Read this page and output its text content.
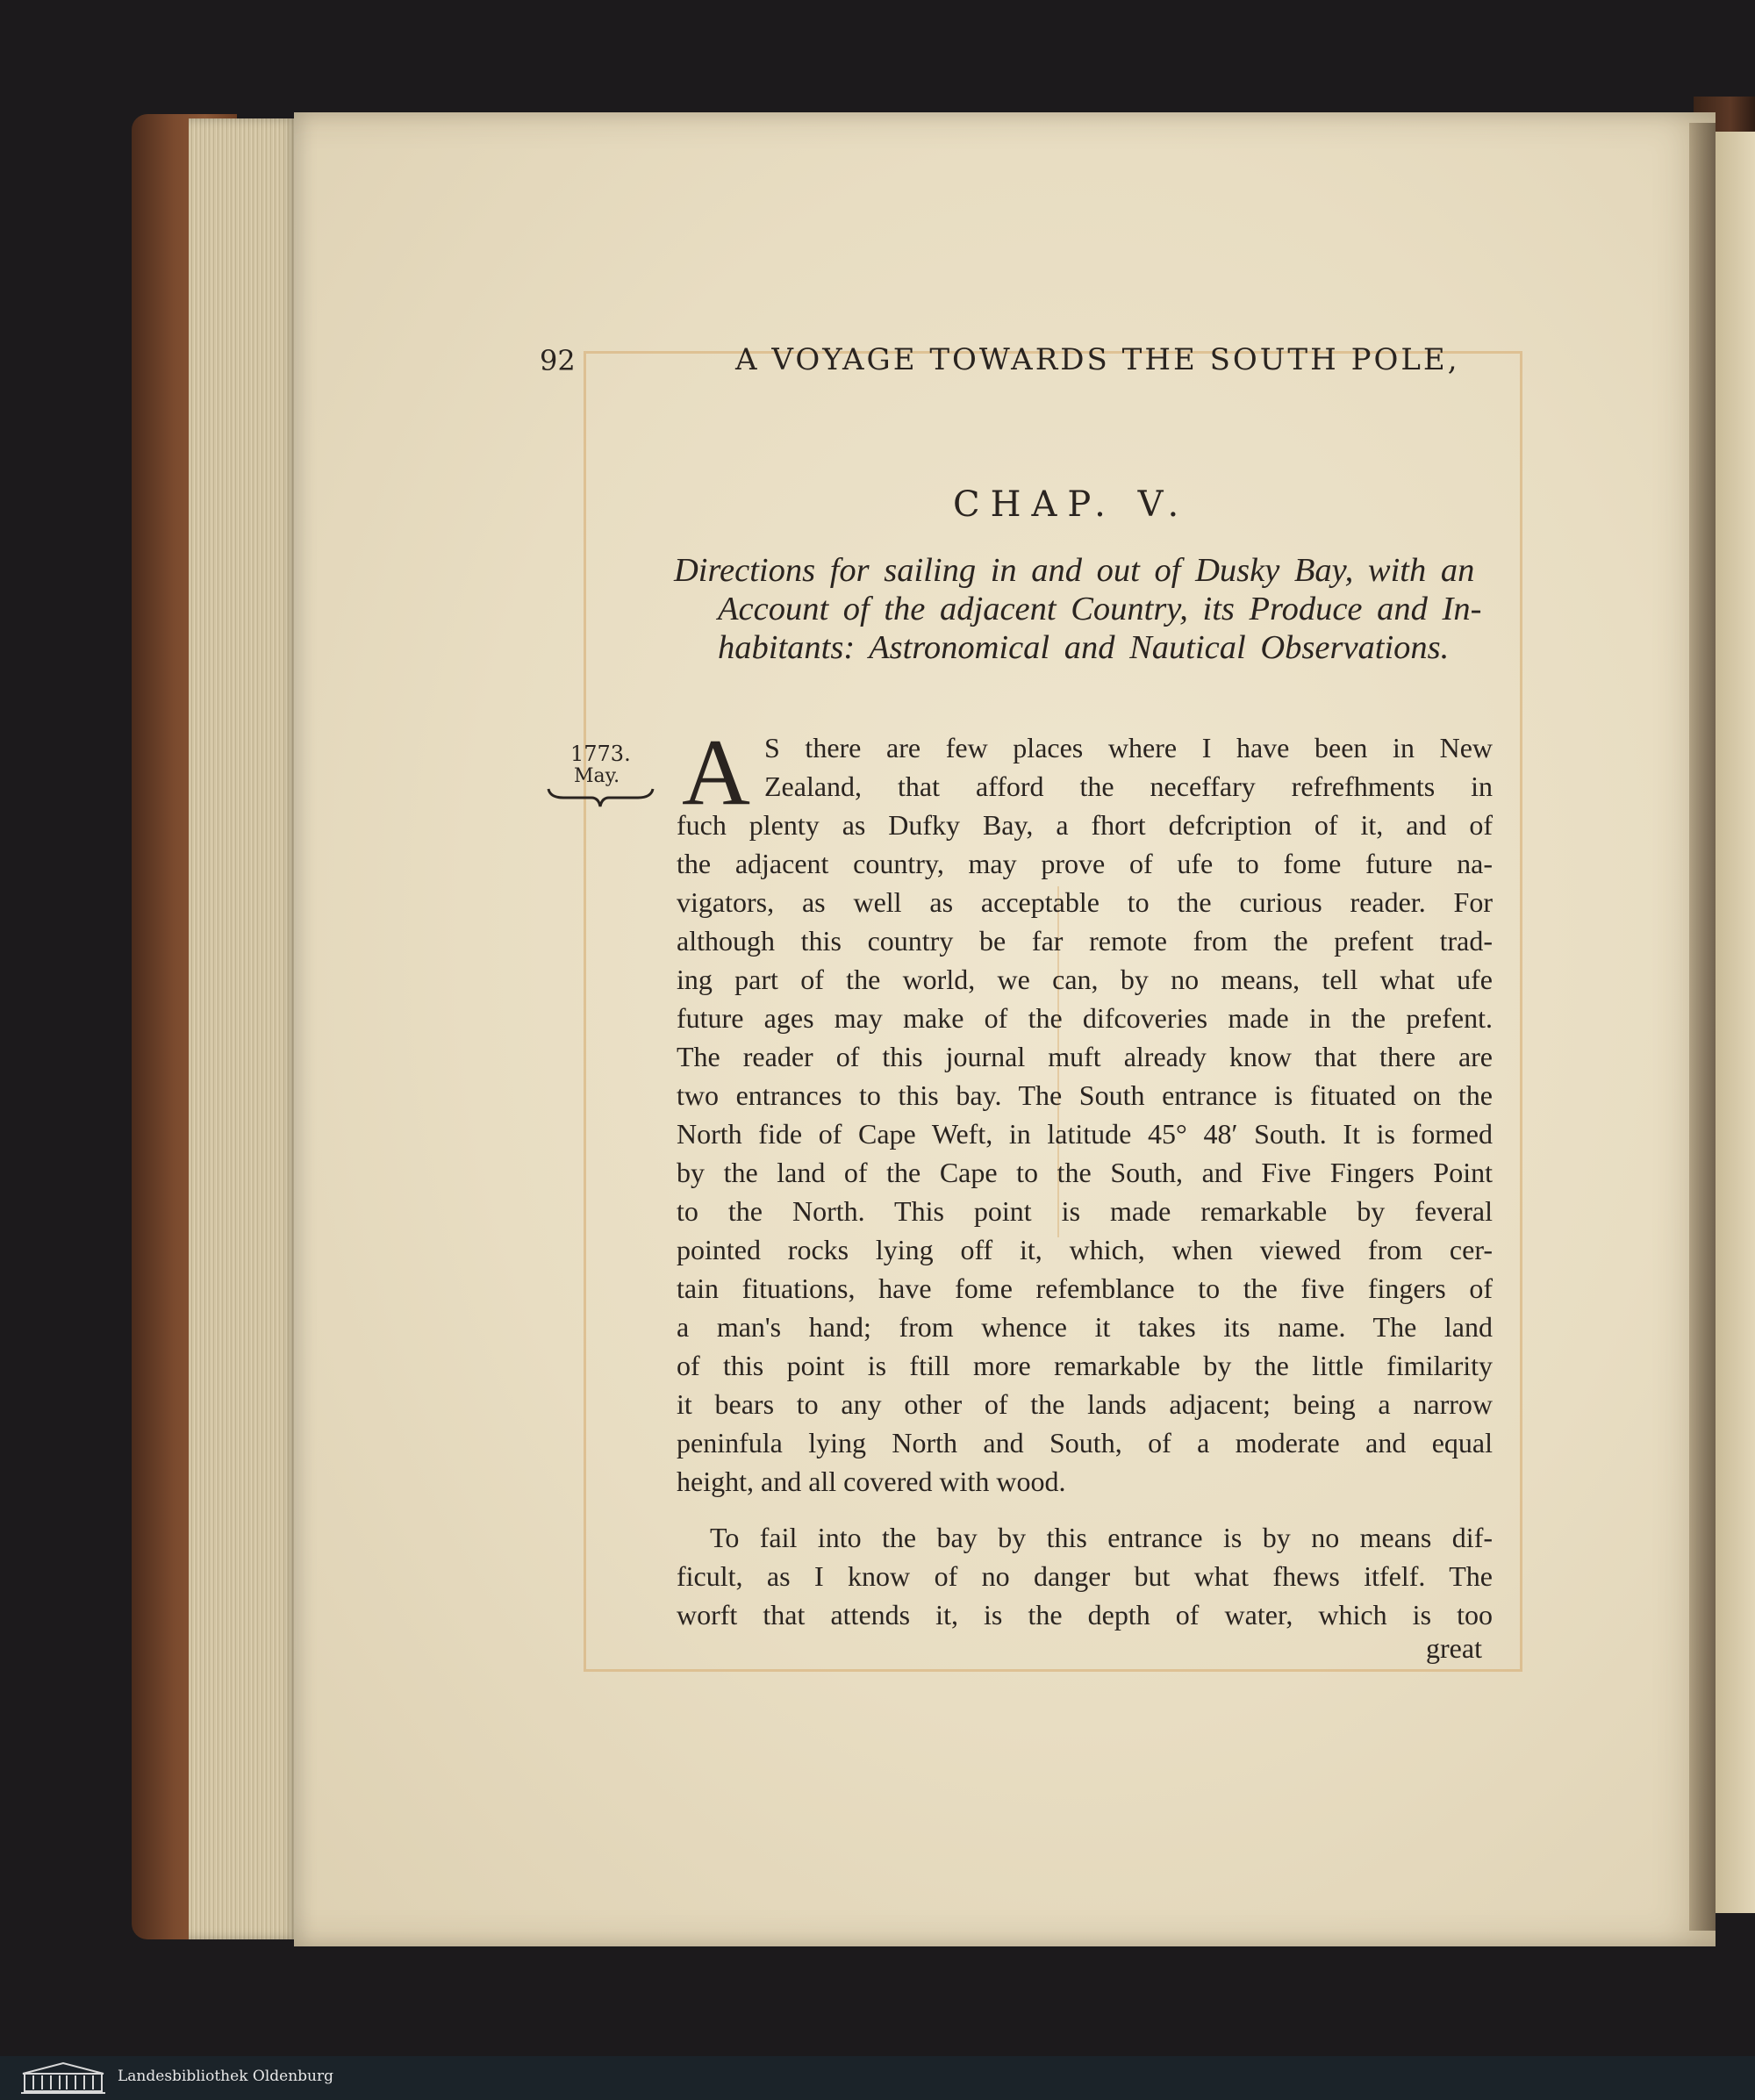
92	A VOYAGE TOWARDS THE SOUTH POLE,
CHAP. V.
Directions for sailing in and out of Dusky Bay, with an
Account of the adjacent Country, its Produce and In-
habitants: Astronomical and Nautical Observations.
1773.
May. A S there are few places where I have been in New
Zealand, that afford the neceffary refrefhments in
fuch plenty as Dufky Bay, a fhort defcription of it, and of
the adjacent country, may prove of ufe to fome future na-
vigators, as well as acceptable to the curious reader. For
although this country be far remote from the prefent trad-
ing part of the world, we can, by no means, tell what ufe
future ages may make of the difcoveries made in the prefent.
The reader of this journal muft already know that there are
two entrances to this bay. The South entrance is fituated on the
North fide of Cape Weft, in latitude 45° 48′ South. It is formed
by the land of the Cape to the South, and Five Fingers Point
to the North. This point is made remarkable by feveral
pointed rocks lying off it, which, when viewed from cer-
tain fituations, have fome refemblance to the five fingers of
a man's hand; from whence it takes its name. The land
of this point is ftill more remarkable by the little fimilarity
it bears to any other of the lands adjacent; being a narrow
peninfula lying North and South, of a moderate and equal
height, and all covered with wood.
To fail into the bay by this entrance is by no means dif-
ficult, as I know of no danger but what fhews itfelf. The
worft that attends it, is the depth of water, which is too
great
Landesbibliothek Oldenburg
